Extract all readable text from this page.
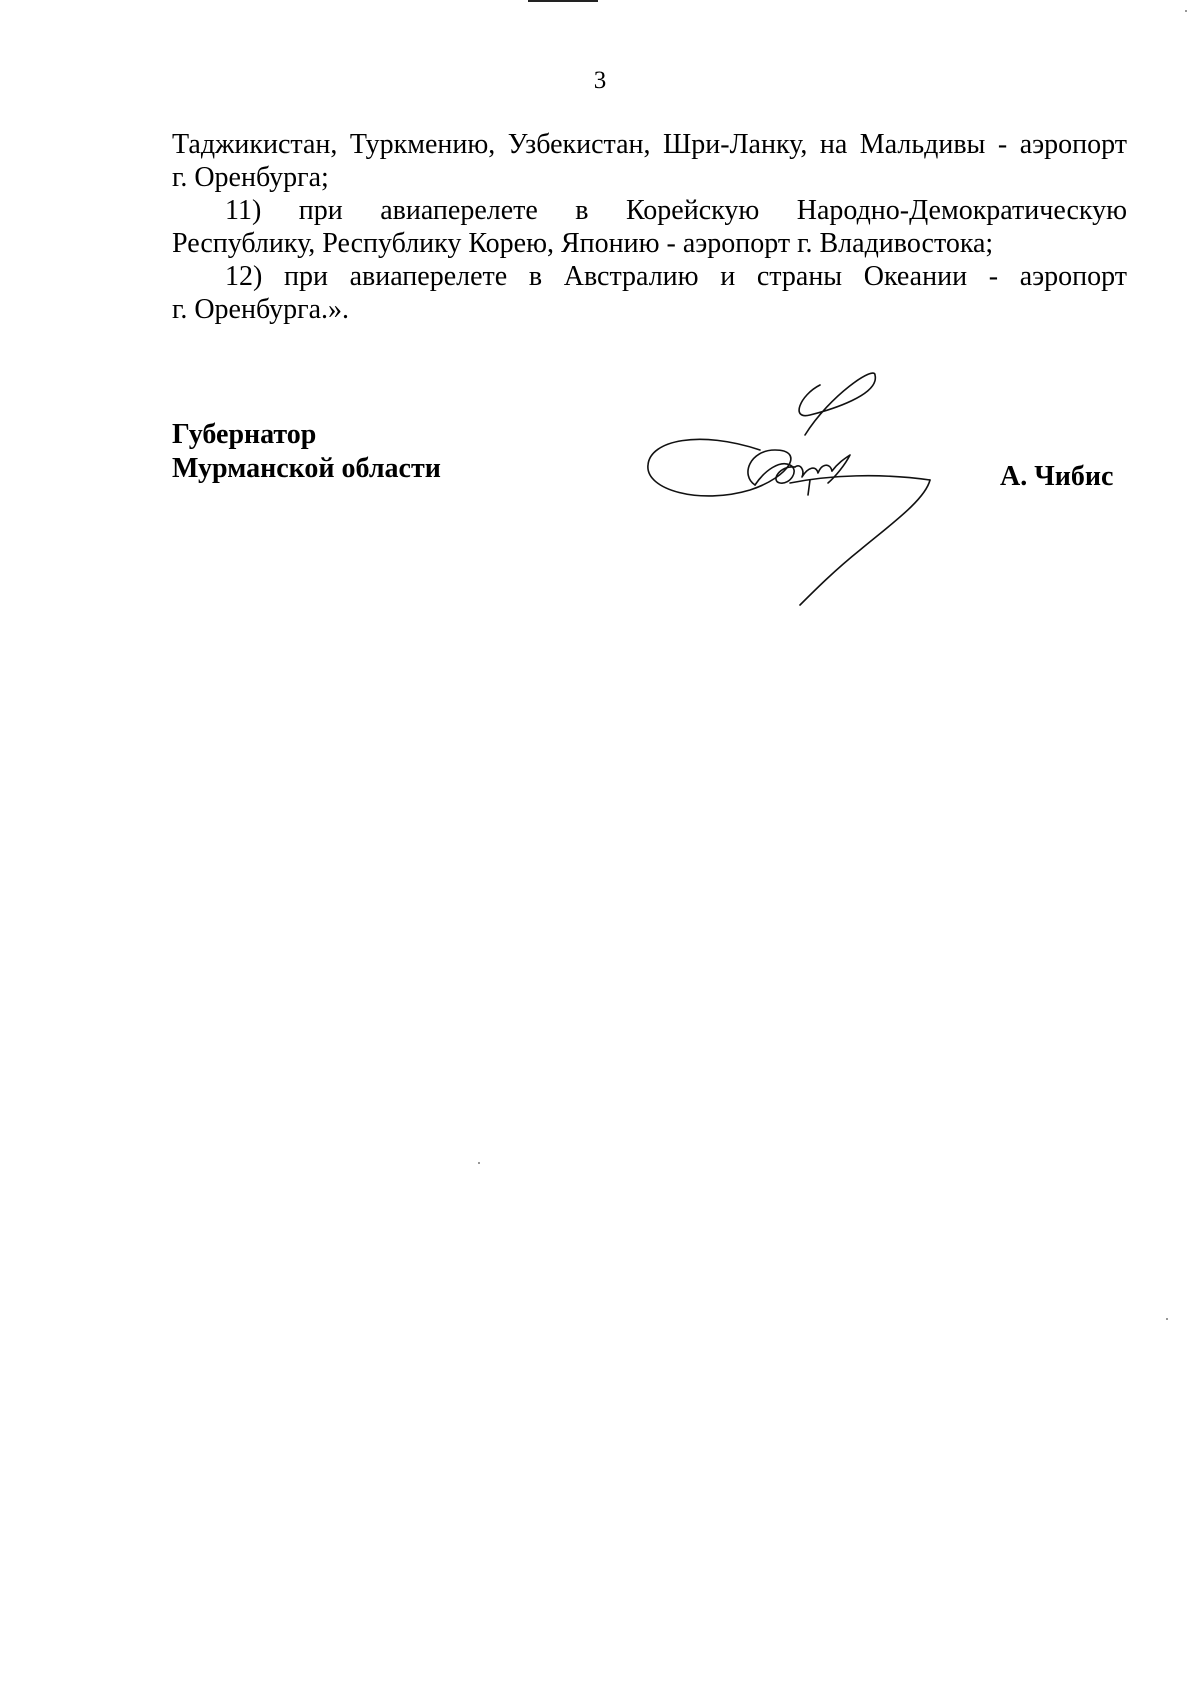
3

Таджикистан, Туркмению, Узбекистан, Шри-Ланку, на Мальдивы - аэропорт
г. Оренбурга;

11) при авиаперелете в Корейскую Народно-Демократическую
Республику, Республику Корею, Японию - аэропорт г. Владивостока;

12) при авиаперелете в Австралию и страны Океании - аэропорт
г. Оренбурга.».

Губернатор
Мурманской области	А. Чибис
